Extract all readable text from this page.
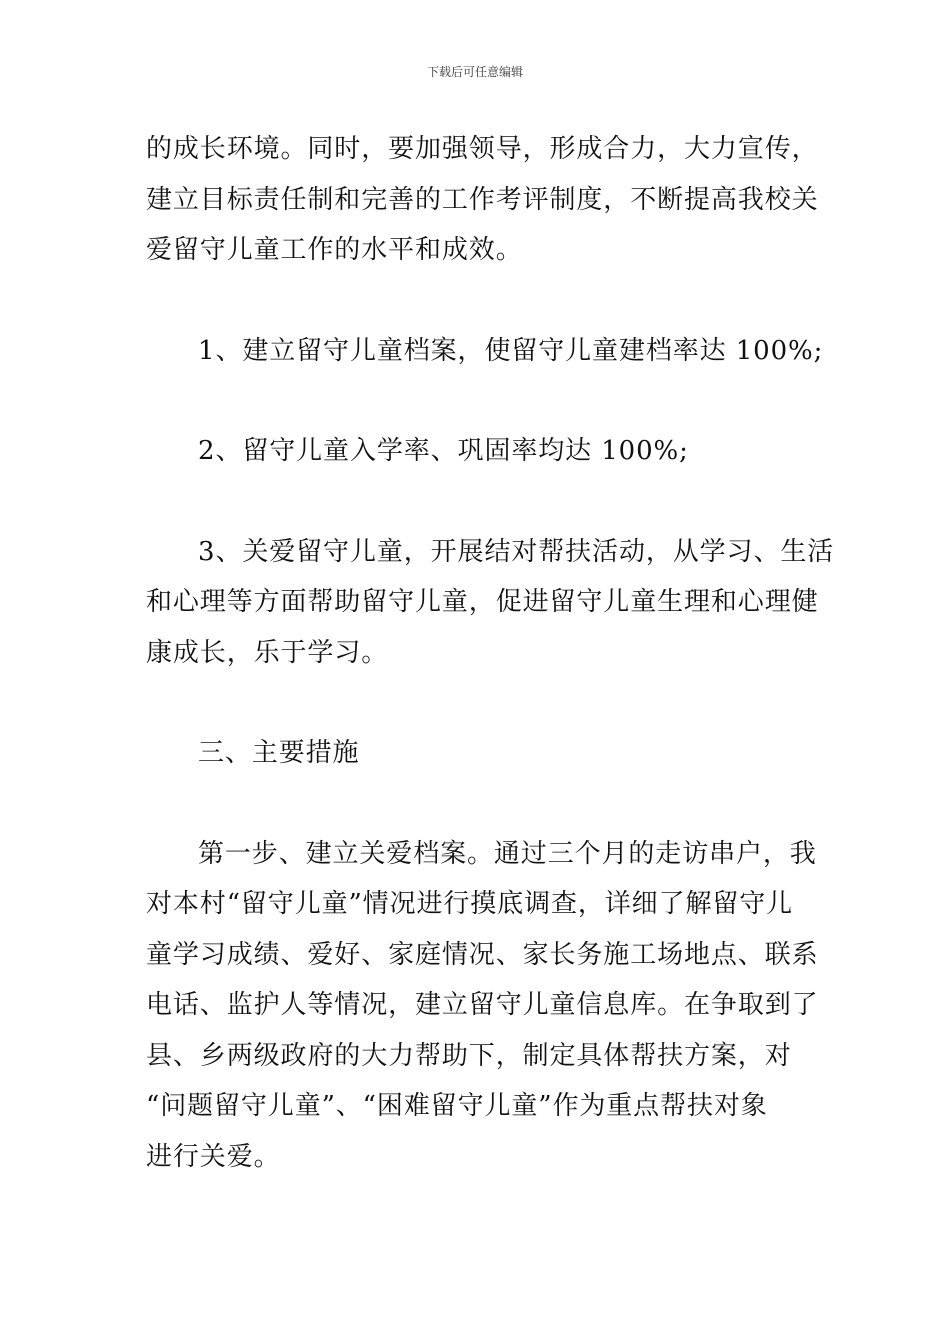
下载后可任意编辑

的成长环境。同时，要加强领导，形成合力，大力宣传，
建立目标责任制和完善的工作考评制度，不断提高我校关
爱留守儿童工作的水平和成效。

1、建立留守儿童档案，使留守儿童建档率达 100%;

2、留守儿童入学率、巩固率均达 100%;

3、关爱留守儿童，开展结对帮扶活动，从学习、生活
和心理等方面帮助留守儿童，促进留守儿童生理和心理健
康成长，乐于学习。

三、主要措施

第一步、建立关爱档案。通过三个月的走访串户，我
对本村“留守儿童”情况进行摸底调查，详细了解留守儿
童学习成绩、爱好、家庭情况、家长务施工场地点、联系
电话、监护人等情况，建立留守儿童信息库。在争取到了
县、乡两级政府的大力帮助下，制定具体帮扶方案，对
“问题留守儿童”、“困难留守儿童”作为重点帮扶对象
进行关爱。
